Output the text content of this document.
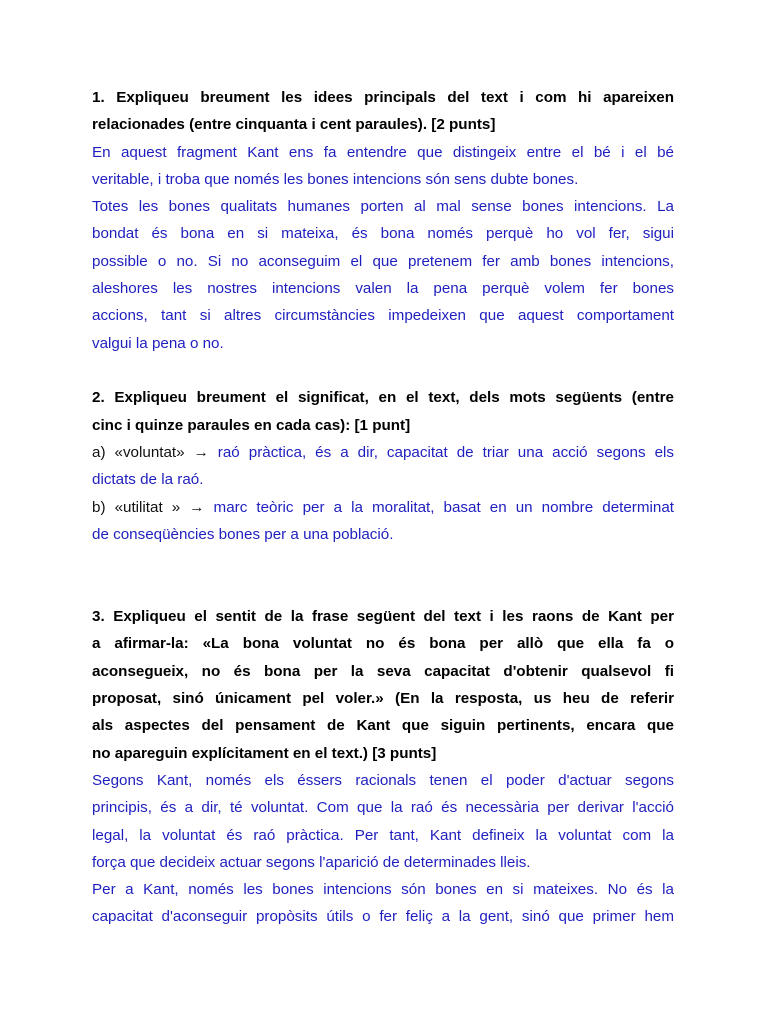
1. Expliqueu breument les idees principals del text i com hi apareixen
relacionades (entre cinquanta i cent paraules). [2 punts]
En aquest fragment Kant ens fa entendre que distingeix entre el bé i el bé
veritable, i troba que només les bones intencions són sens dubte bones.
Totes les bones qualitats humanes porten al mal sense bones intencions. La
bondat és bona en si mateixa, és bona només perquè ho vol fer, sigui
possible o no. Si no aconseguim el que pretenem fer amb bones intencions,
aleshores les nostres intencions valen la pena perquè volem fer bones
accions, tant si altres circumstàncies impedeixen que aquest comportament
valgui la pena o no.
2. Expliqueu breument el significat, en el text, dels mots següents (entre
cinc i quinze paraules en cada cas): [1 punt]
a) «voluntat» → raó pràctica, és a dir, capacitat de triar una acció segons els
dictats de la raó.
b) «utilitat » → marc teòric per a la moralitat, basat en un nombre determinat
de conseqüències bones per a una població.
3. Expliqueu el sentit de la frase següent del text i les raons de Kant per
a afirmar-la: «La bona voluntat no és bona per allò que ella fa o
aconsegueix, no és bona per la seva capacitat d'obtenir qualsevol fi
proposat, sinó únicament pel voler.» (En la resposta, us heu de referir
als aspectes del pensament de Kant que siguin pertinents, encara que
no apareguin explícitament en el text.) [3 punts]
Segons Kant, només els éssers racionals tenen el poder d'actuar segons
principis, és a dir, té voluntat. Com que la raó és necessària per derivar l'acció
legal, la voluntat és raó pràctica. Per tant, Kant defineix la voluntat com la
força que decideix actuar segons l'aparició de determinades lleis.
Per a Kant, només les bones intencions són bones en si mateixes. No és la
capacitat d'aconseguir propòsits útils o fer feliç a la gent, sinó que primer hem
